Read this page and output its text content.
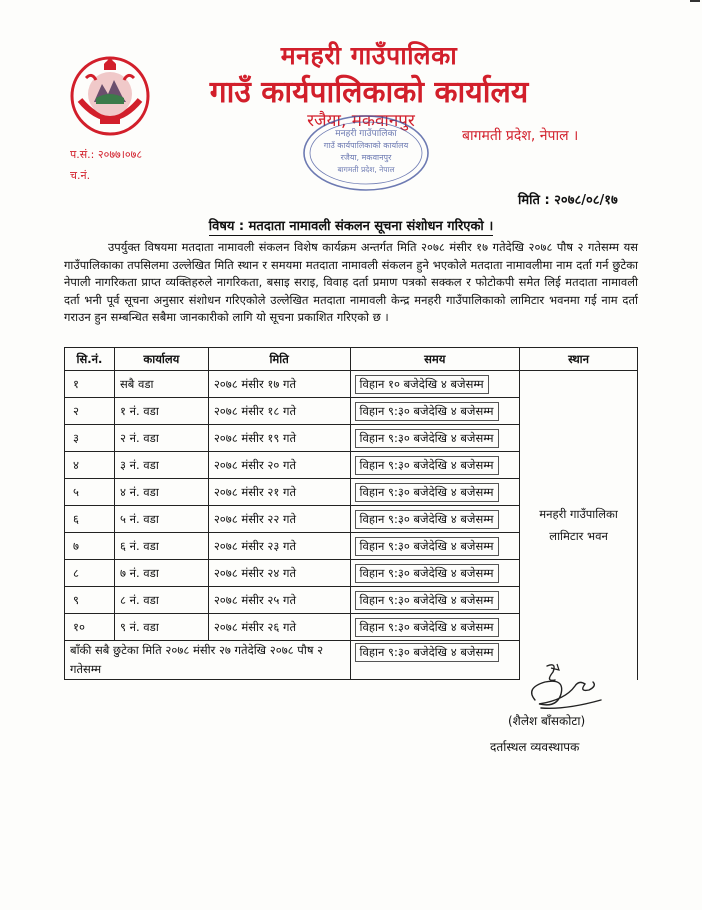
मनहरी गाउँपालिका
गाउँ कार्यपालिकाको कार्यालय
रजैया, मकवानपुर
बागमती प्रदेश, नेपाल ।
प.सं.: २०७७।०७८
च.नं.
मनहरी गाउँपालिका
गाउँ कार्यपालिकाको कार्यालय
रजैया, मकवानपुर
बागमती प्रदेश, नेपाल
मिति : २०७८/०८/१७
विषय : मतदाता नामावली संकलन सूचना संशोधन गरिएको ।
उपर्युक्त विषयमा मतदाता नामावली संकलन विशेष कार्यक्रम अन्तर्गत मिति २०७८ मंसीर १७ गतेदेखि २०७८ पौष २ गतेसम्म यस गाउँपालिकाका तपसिलमा उल्लेखित मिति स्थान र समयमा मतदाता नामावली संकलन हुने भएकोले मतदाता नामावलीमा नाम दर्ता गर्न छुटेका नेपाली नागरिकता प्राप्त व्यक्तिहरुले नागरिकता, बसाइ सराइ, विवाह दर्ता प्रमाण पत्रको सक्कल र फोटोकपी समेत लिई मतदाता नामावली दर्ता भनी पूर्व सूचना अनुसार संशोधन गरिएकोले उल्लेखित मतदाता नामावली केन्द्र मनहरी गाउँपालिकाको लामिटार भवनमा गई नाम दर्ता गराउन हुन सम्बन्धित सबैमा जानकारीको लागि यो सूचना प्रकाशित गरिएको छ ।
सि.नं.	कार्यालय	मिति	समय	स्थान
१	सबै वडा	२०७८ मंसीर १७ गते	विहान १० बजेदेखि ४ बजेसम्म	मनहरी गाउँपालिका
लामिटार भवन
२	१ नं. वडा	२०७८ मंसीर १८ गते	विहान ९:३० बजेदेखि ४ बजेसम्म	
३	२ नं. वडा	२०७८ मंसीर १९ गते	विहान ९:३० बजेदेखि ४ बजेसम्म	
४	३ नं. वडा	२०७८ मंसीर २० गते	विहान ९:३० बजेदेखि ४ बजेसम्म	
५	४ नं. वडा	२०७८ मंसीर २१ गते	विहान ९:३० बजेदेखि ४ बजेसम्म	
६	५ नं. वडा	२०७८ मंसीर २२ गते	विहान ९:३० बजेदेखि ४ बजेसम्म	
७	६ नं. वडा	२०७८ मंसीर २३ गते	विहान ९:३० बजेदेखि ४ बजेसम्म	
८	७ नं. वडा	२०७८ मंसीर २४ गते	विहान ९:३० बजेदेखि ४ बजेसम्म	
९	८ नं. वडा	२०७८ मंसीर २५ गते	विहान ९:३० बजेदेखि ४ बजेसम्म	
१०	९ नं. वडा	२०७८ मंसीर २६ गते	विहान ९:३० बजेदेखि ४ बजेसम्म	
बाँकी सबै छुटेका मिति २०७८ मंसीर २७ गतेदेखि २०७८ पौष २ गतेसम्म			विहान ९:३० बजेदेखि ४ बजेसम्म	
(शैलेश बाँसकोटा)
दर्तास्थल व्यवस्थापक
